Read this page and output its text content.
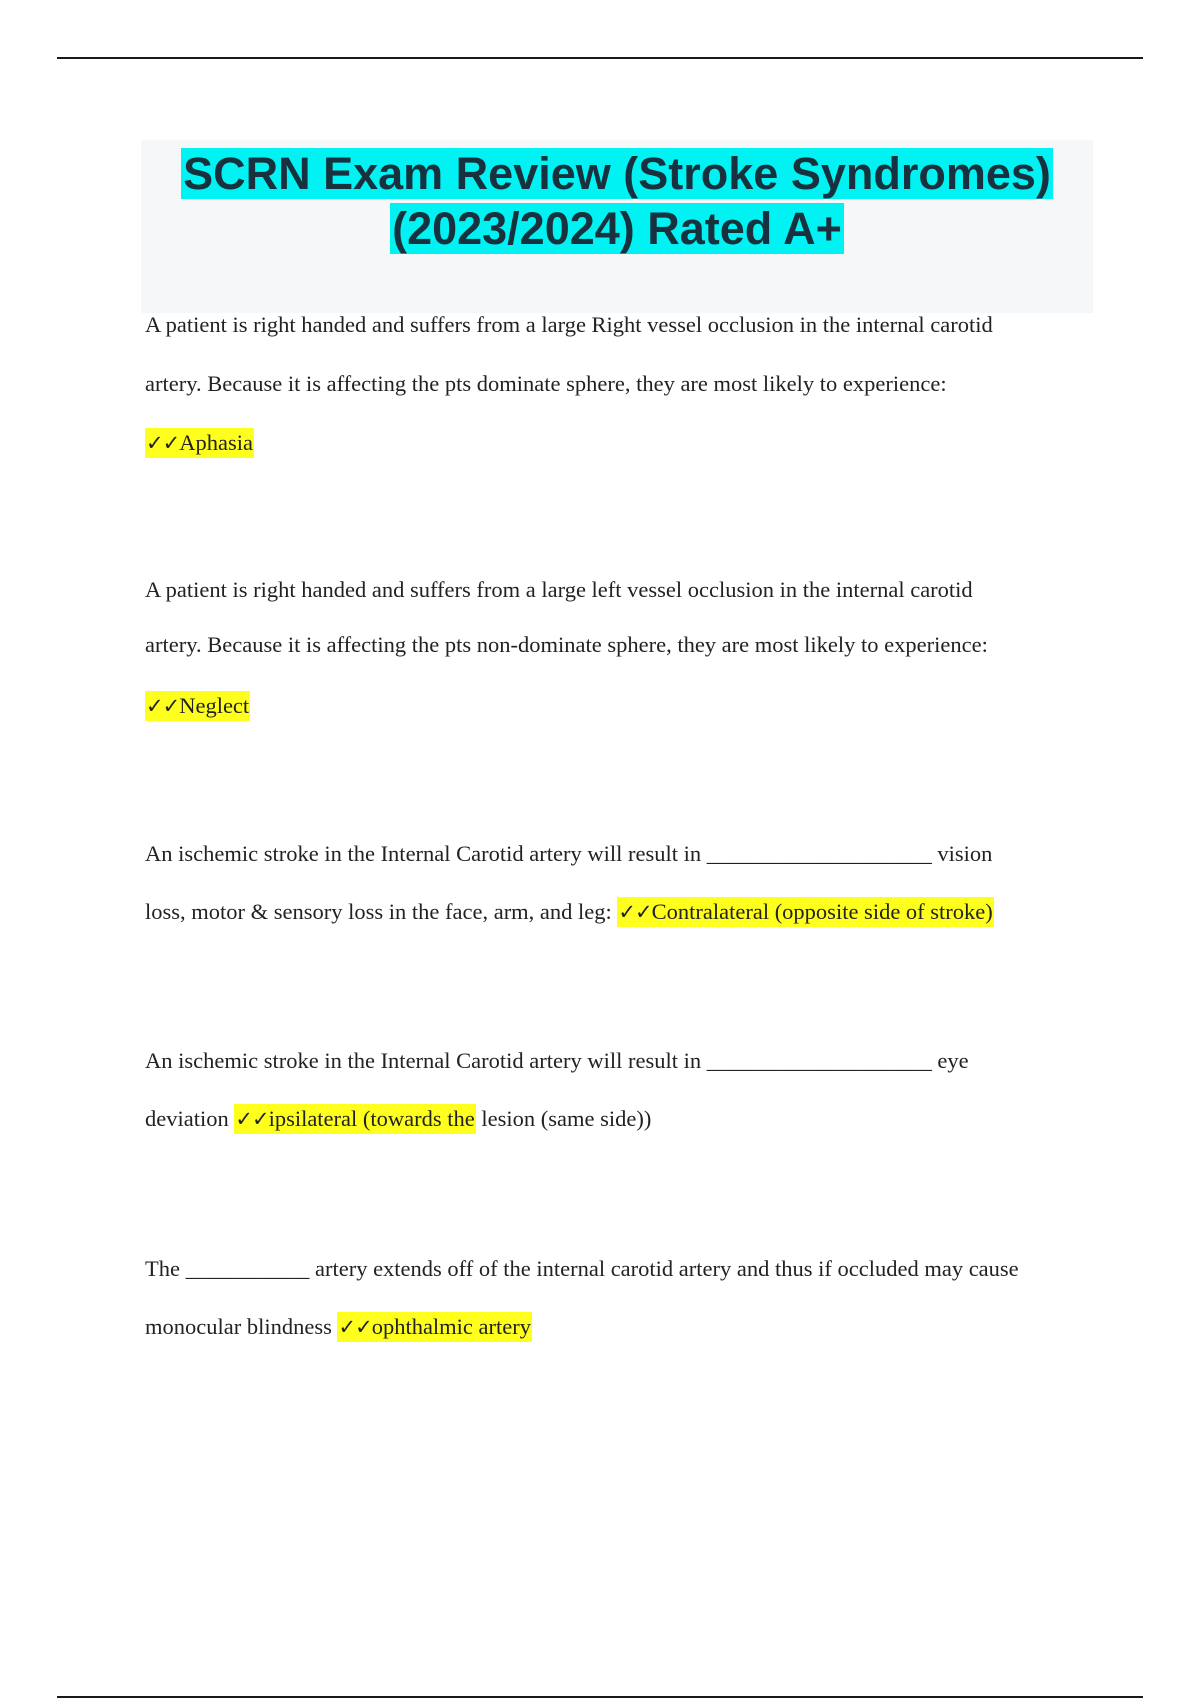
SCRN Exam Review (Stroke Syndromes)
(2023/2024) Rated A+

A patient is right handed and suffers from a large Right vessel occlusion in the internal carotid

artery. Because it is affecting the pts dominate sphere, they are most likely to experience:

✓✓Aphasia

A patient is right handed and suffers from a large left vessel occlusion in the internal carotid

artery. Because it is affecting the pts non-dominate sphere, they are most likely to experience:

✓✓Neglect

An ischemic stroke in the Internal Carotid artery will result in ____________________ vision

loss, motor & sensory loss in the face, arm, and leg: ✓✓Contralateral (opposite side of stroke)

An ischemic stroke in the Internal Carotid artery will result in ____________________ eye

deviation ✓✓ipsilateral (towards the lesion (same side))

The ___________ artery extends off of the internal carotid artery and thus if occluded may cause

monocular blindness ✓✓ophthalmic artery
